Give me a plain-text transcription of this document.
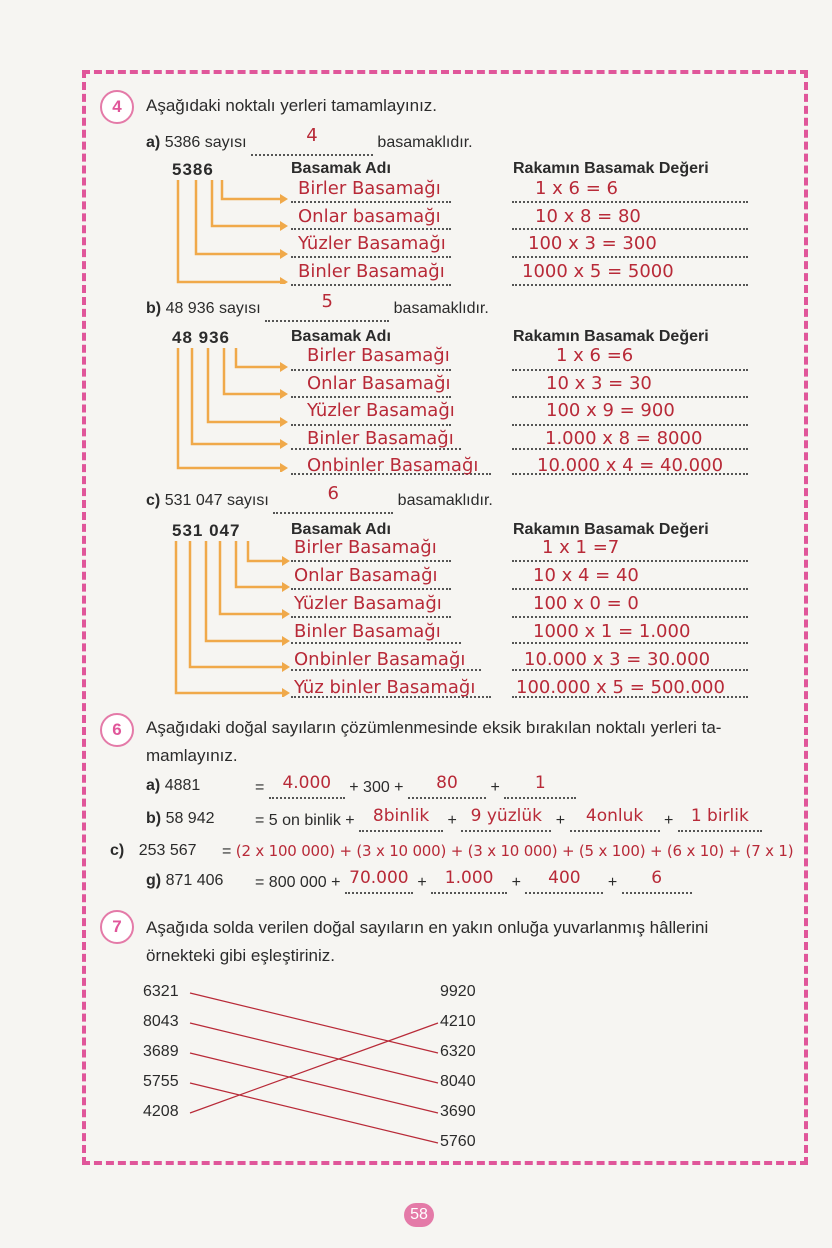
4	Aşağıdaki noktalı yerleri tamamlayınız.
a) 5386 sayısı	4	basamaklıdır.
5386	Basamak Adı	Rakamın Basamak Değeri
Birler Basamağı	1 x 6 = 6
Onlar basamağı	10 x 8 = 80
Yüzler Basamağı	100 x 3 = 300
Binler Basamağı	1000 x 5 = 5000
b) 48 936 sayısı	5	basamaklıdır.
48 936	Basamak Adı	Rakamın Basamak Değeri
Birler Basamağı	1 x 6 =6
Onlar Basamağı	10 x 3 = 30
Yüzler Basamağı	100 x 9 = 900
Binler Basamağı	1.000 x 8 = 8000
Onbinler Basamağı	10.000 x 4 = 40.000
c) 531 047 sayısı	6	basamaklıdır.
531 047	Basamak Adı	Rakamın Basamak Değeri
Birler Basamağı	1 x 1 =7
Onlar Basamağı	10 x 4 = 40
Yüzler Basamağı	100 x 0 = 0
Binler Basamağı	1000 x 1 = 1.000
Onbinler Basamağı	10.000 x 3 = 30.000
Yüz binler Basamağı 100.000 x 5 = 500.000
6	Aşağıdaki doğal sayıların çözümlenmesinde eksik bırakılan noktalı yerleri ta-
mamlayınız.
a) 4881	= 4.000 + 300 + 80 + 1
b) 58 942	= 5 on binlik + 8binlik + 9 yüzlük + 4onluk + 1 birlik
c) 253 567 = (2 x 100 000) + (3 x 10 000) + (3 x 10 000) + (5 x 100) + (6 x 10) + (7 x 1)
g) 871 406 = 800 000 + 70.000 + 1.000 + 400 + 6
7	Aşağıda solda verilen doğal sayıların en yakın onluğa yuvarlanmış hâllerini
örnekteki gibi eşleştiriniz.
6321
8043
3689
5755
4208
9920
4210
6320
8040
3690
5760
58
